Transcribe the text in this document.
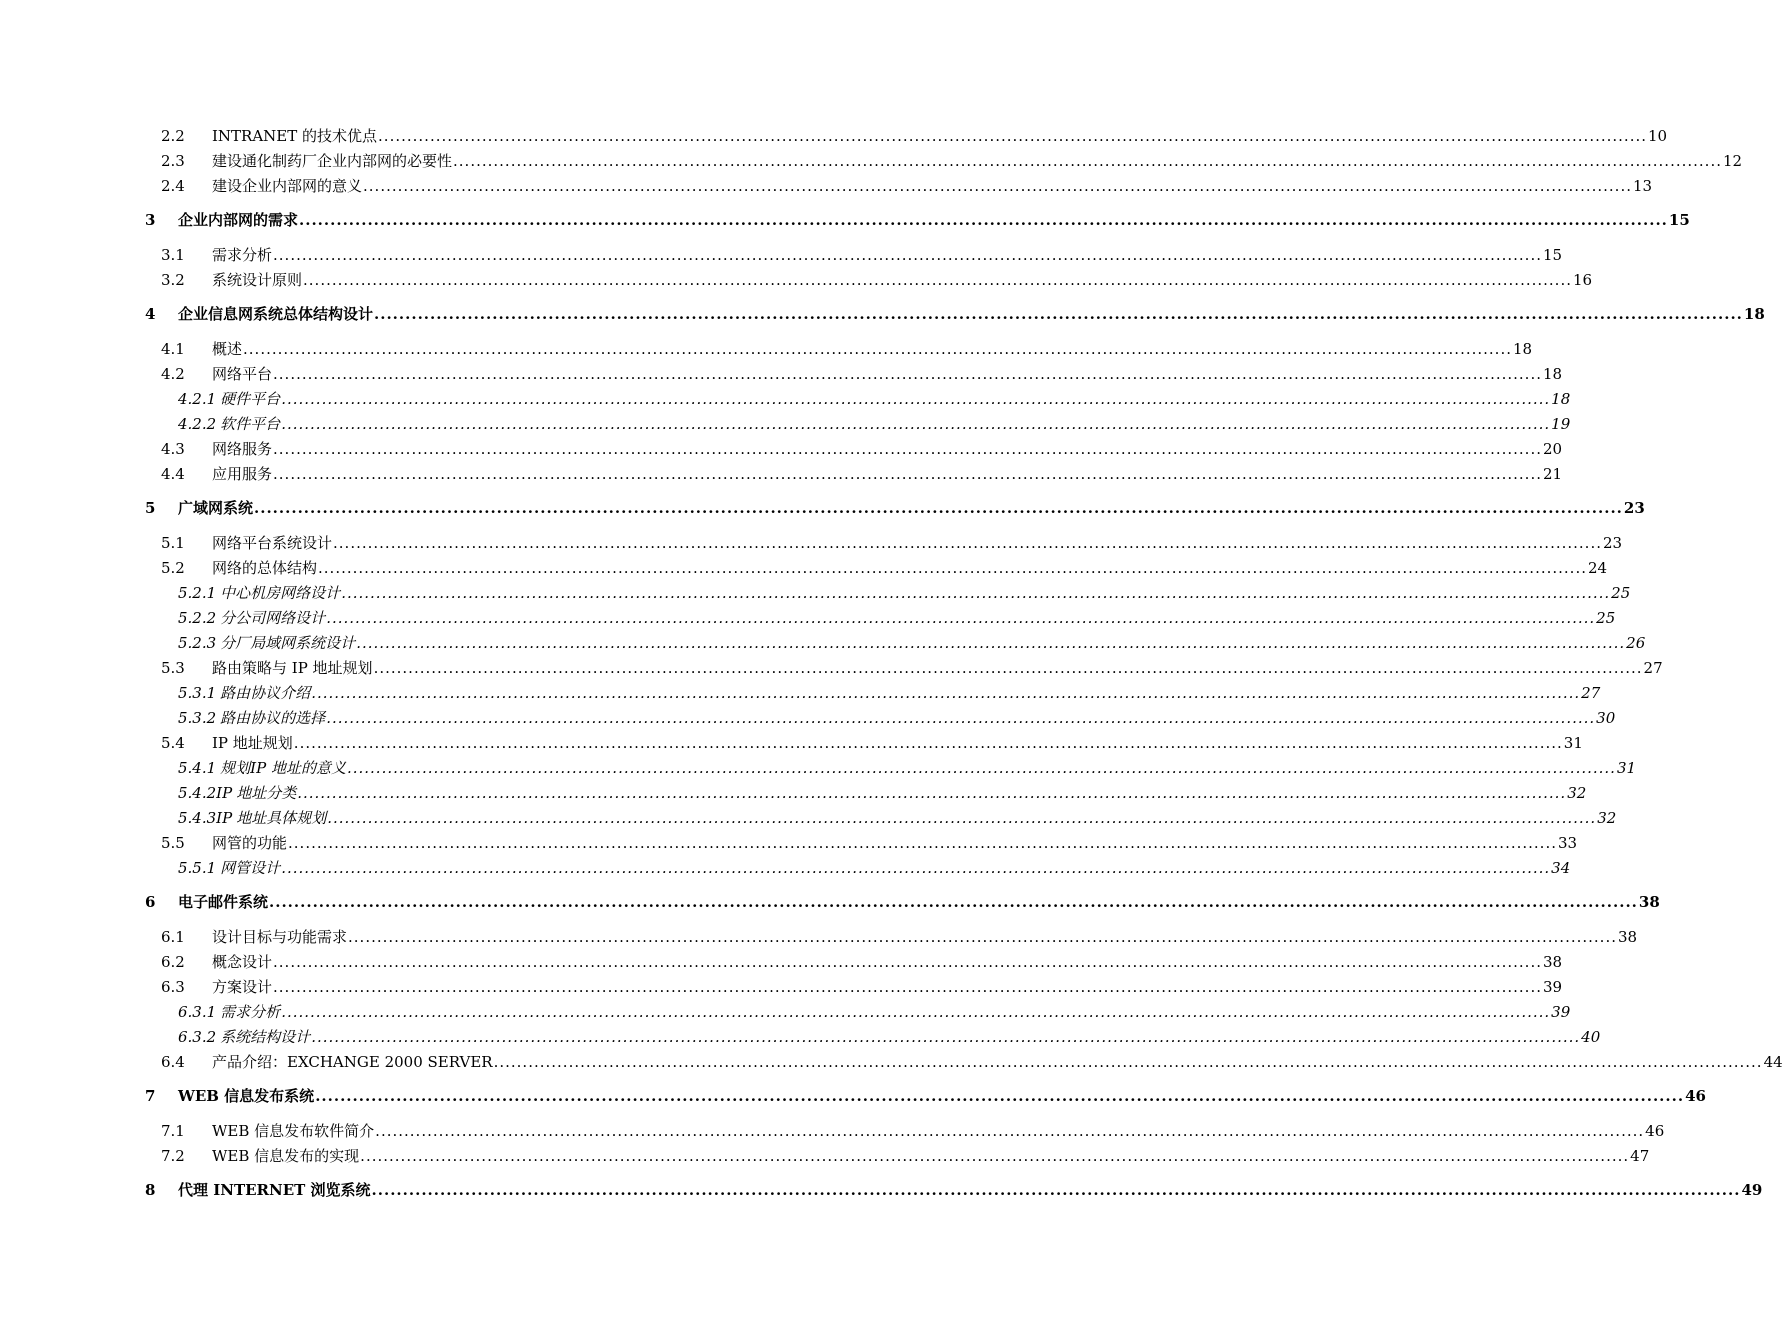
2.2	INTRANET 的技术优点 ............................................................................................................................................................................................................................ 10
2.3	建设通化制药厂企业内部网的必要性 ............................................................................................................................................................................................................................ 12
2.4	建设企业内部网的意义 ............................................................................................................................................................................................................................ 13
3	企业内部网的需求 ............................................................................................................................................................................................................................ 15
3.1	需求分析 ............................................................................................................................................................................................................................ 15
3.2	系统设计原则 ............................................................................................................................................................................................................................ 16
4	企业信息网系统总体结构设计 ............................................................................................................................................................................................................................ 18
4.1	概述 ............................................................................................................................................................................................................................ 18
4.2	网络平台 ............................................................................................................................................................................................................................ 18
4.2.1 硬件平台 ............................................................................................................................................................................................................................ 18
4.2.2 软件平台 ............................................................................................................................................................................................................................ 19
4.3	网络服务 ............................................................................................................................................................................................................................ 20
4.4	应用服务 ............................................................................................................................................................................................................................ 21
5	广域网系统 ............................................................................................................................................................................................................................ 23
5.1	网络平台系统设计 ............................................................................................................................................................................................................................ 23
5.2	网络的总体结构 ............................................................................................................................................................................................................................ 24
5.2.1 中心机房网络设计 ............................................................................................................................................................................................................................ 25
5.2.2 分公司网络设计 ............................................................................................................................................................................................................................ 25
5.2.3 分厂局域网系统设计 ............................................................................................................................................................................................................................ 26
5.3	路由策略与 IP 地址规划 ............................................................................................................................................................................................................................ 27
5.3.1 路由协议介绍 ............................................................................................................................................................................................................................ 27
5.3.2 路由协议的选择 ............................................................................................................................................................................................................................ 30
5.4	IP 地址规划 ............................................................................................................................................................................................................................ 31
5.4.1 规划IP 地址的意义 ............................................................................................................................................................................................................................ 31
5.4.2IP 地址分类 ............................................................................................................................................................................................................................ 32
5.4.3IP 地址具体规划 ............................................................................................................................................................................................................................ 32
5.5	网管的功能 ............................................................................................................................................................................................................................ 33
5.5.1 网管设计 ............................................................................................................................................................................................................................ 34
6	电子邮件系统 ............................................................................................................................................................................................................................ 38
6.1	设计目标与功能需求 ............................................................................................................................................................................................................................ 38
6.2	概念设计 ............................................................................................................................................................................................................................ 38
6.3	方案设计 ............................................................................................................................................................................................................................ 39
6.3.1 需求分析 ............................................................................................................................................................................................................................ 39
6.3.2 系统结构设计 ............................................................................................................................................................................................................................ 40
6.4	产品介绍：EXCHANGE 2000 SERVER ............................................................................................................................................................................................................................ 44
7	WEB 信息发布系统 ............................................................................................................................................................................................................................ 46
7.1	WEB 信息发布软件简介 ............................................................................................................................................................................................................................ 46
7.2	WEB 信息发布的实现 ............................................................................................................................................................................................................................ 47
8	代理 INTERNET 浏览系统 ............................................................................................................................................................................................................................ 49
